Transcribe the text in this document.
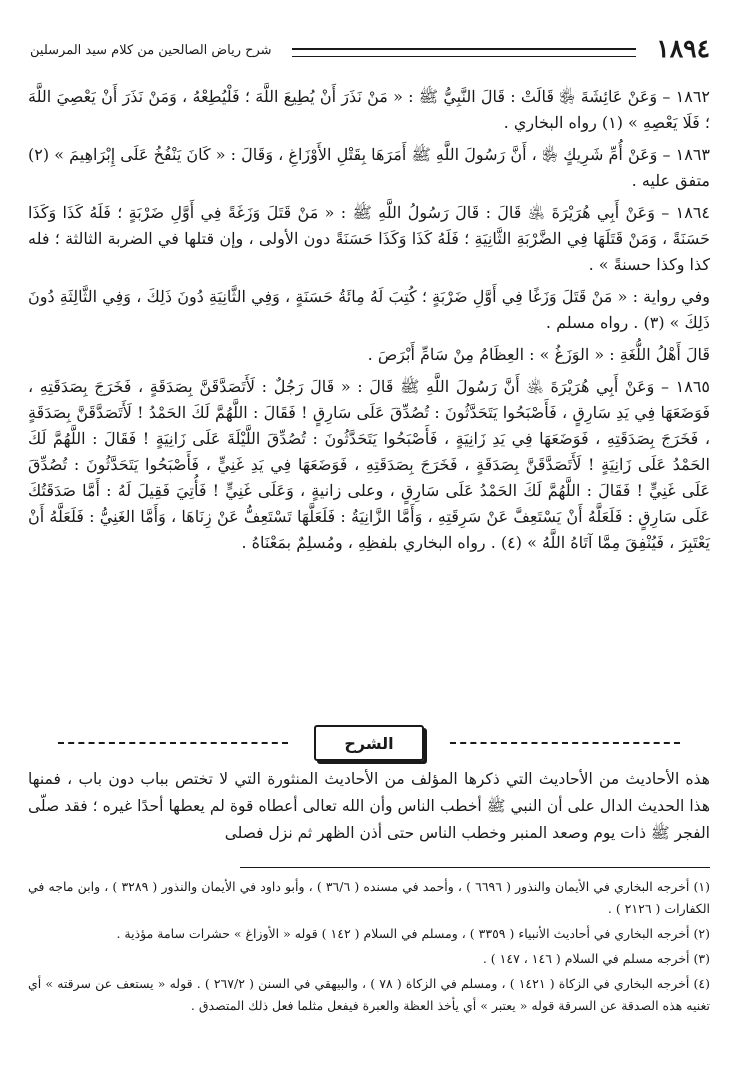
١٨٩٤
شرح رياض الصالحين من كلام سيد المرسلين

١٨٦٢ – وَعَنْ عَائِشَةَ ﵂ قَالَتْ : قَالَ النَّبِيُّ ﷺ : « مَنْ نَذَرَ أَنْ يُطِيعَ اللَّهَ ؛ فَلْيُطِعْهُ ، وَمَنْ نَذَرَ أَنْ يَعْصِيَ اللَّهَ ؛ فَلَا يَعْصِهِ » (١) رواه البخاري .

١٨٦٣ – وَعَنْ أُمِّ شَرِيكٍ ﵂ ، أَنَّ رَسُولَ اللَّهِ ﷺ أَمَرَهَا بِقَتْلِ الأَوْزَاغِ ، وَقَالَ : « كَانَ يَنْفُخُ عَلَى إِبْرَاهِيمَ » (٢) متفق عليه .

١٨٦٤ – وَعَنْ أَبِي هُرَيْرَةَ ﵁ قَالَ : قَالَ رَسُولُ اللَّهِ ﷺ : « مَنْ قَتَلَ وَزَغَةً فِي أَوَّلِ ضَرْبَةٍ ؛ فَلَهُ كَذَا وَكَذَا حَسَنَةً ، وَمَنْ قَتَلَهَا فِي الضَّرْبَةِ الثَّانِيَةِ ؛ فَلَهُ كَذَا وَكَذَا حَسَنَةً دون الأولى ، وإن قتلها في الضربة الثالثة ؛ فله كذا وكذا حسنةً » .

وفي رواية : « مَنْ قَتَلَ وَزَغًا فِي أَوَّلِ ضَرْبَةٍ ؛ كُتِبَ لَهُ مِائَةُ حَسَنَةٍ ، وَفِي الثَّانِيَةِ دُونَ ذَلِكَ ، وَفِي الثَّالِثَةِ دُونَ ذَلِكَ » (٣) . رواه مسلم .

قَالَ أَهْلُ اللُّغَةِ : « الوَزَغُ » : العِظَامُ مِنْ سَامِّ أَبْرَصَ .

١٨٦٥ – وَعَنْ أَبِي هُرَيْرَةَ ﵁ أَنَّ رَسُولَ اللَّهِ ﷺ قَالَ : « قَالَ رَجُلٌ : لَأَتَصَدَّقَنَّ بِصَدَقَةٍ ، فَخَرَجَ بِصَدَقَتِهِ ، فَوَضَعَهَا فِي يَدِ سَارِقٍ ، فَأَصْبَحُوا يَتَحَدَّثُونَ : تُصُدِّقَ عَلَى سَارِقٍ ! فَقَالَ : اللَّهُمَّ لَكَ الحَمْدُ ! لَأَتَصَدَّقَنَّ بِصَدَقَةٍ ، فَخَرَجَ بِصَدَقَتِهِ ، فَوَضَعَهَا فِي يَدِ زَانِيَةٍ ، فَأَصْبَحُوا يَتَحَدَّثُونَ : تُصُدِّقَ اللَّيْلَةَ عَلَى زَانِيَةٍ ! فَقَالَ : اللَّهُمَّ لَكَ الحَمْدُ عَلَى زَانِيَةٍ ! لَأَتَصَدَّقَنَّ بِصَدَقَةٍ ، فَخَرَجَ بِصَدَقَتِهِ ، فَوَضَعَهَا فِي يَدِ غَنِيٍّ ، فَأَصْبَحُوا يَتَحَدَّثُونَ : تُصُدِّقَ عَلَى غَنِيٍّ ! فَقَالَ : اللَّهُمَّ لَكَ الحَمْدُ عَلَى سَارِقٍ ، وعلى زانيةٍ ، وَعَلَى غَنِيٍّ ! فَأُتِيَ فَقِيلَ لَهُ : أَمَّا صَدَقَتُكَ عَلَى سَارِقٍ : فَلَعَلَّهُ أَنْ يَسْتَعِفَّ عَنْ سَرِقَتِهِ ، وَأَمَّا الزَّانِيَةُ : فَلَعَلَّهَا تَسْتَعِفُّ عَنْ زِنَاهَا ، وَأَمَّا الغَنِيُّ : فَلَعَلَّهُ أَنْ يَعْتَبِرَ ، فَيُنْفِقَ مِمَّا آتَاهُ اللَّهُ » (٤) . رواه البخاري بلفظِهِ ، ومُسلِمٌ بمَعْنَاهُ .

الشرح
هذه الأحاديث من الأحاديث التي ذكرها المؤلف من الأحاديث المنثورة التي لا تختص بباب دون باب ، فمنها هذا الحديث الدال على أن النبي ﷺ أخطب الناس وأن الله تعالى أعطاه قوة لم يعطها أحدًا غيره ؛ فقد صلّى الفجر ﷺ ذات يوم وصعد المنبر وخطب الناس حتى أذن الظهر ثم نزل فصلى

(١) أخرجه البخاري في الأيمان والنذور ( ٦٦٩٦ ) ، وأحمد في مسنده ( ٣٦/٦ ) ، وأبو داود في الأيمان والنذور ( ٣٢٨٩ ) ، وابن ماجه في الكفارات ( ٢١٢٦ ) .

(٢) أخرجه البخاري في أحاديث الأنبياء ( ٣٣٥٩ ) ، ومسلم في السلام ( ١٤٢ ) قوله « الأوزاغ » حشرات سامة مؤذية .

(٣) أخرجه مسلم في السلام ( ١٤٦ ، ١٤٧ ) .

(٤) أخرجه البخاري في الزكاة ( ١٤٢١ ) ، ومسلم في الزكاة ( ٧٨ ) ، والبيهقي في السنن ( ٢٦٧/٢ ) . قوله « يستعف عن سرقته » أي تغنيه هذه الصدقة عن السرقة قوله « يعتبر » أي يأخذ العظة والعبرة فيفعل مثلما فعل ذلك المتصدق .
